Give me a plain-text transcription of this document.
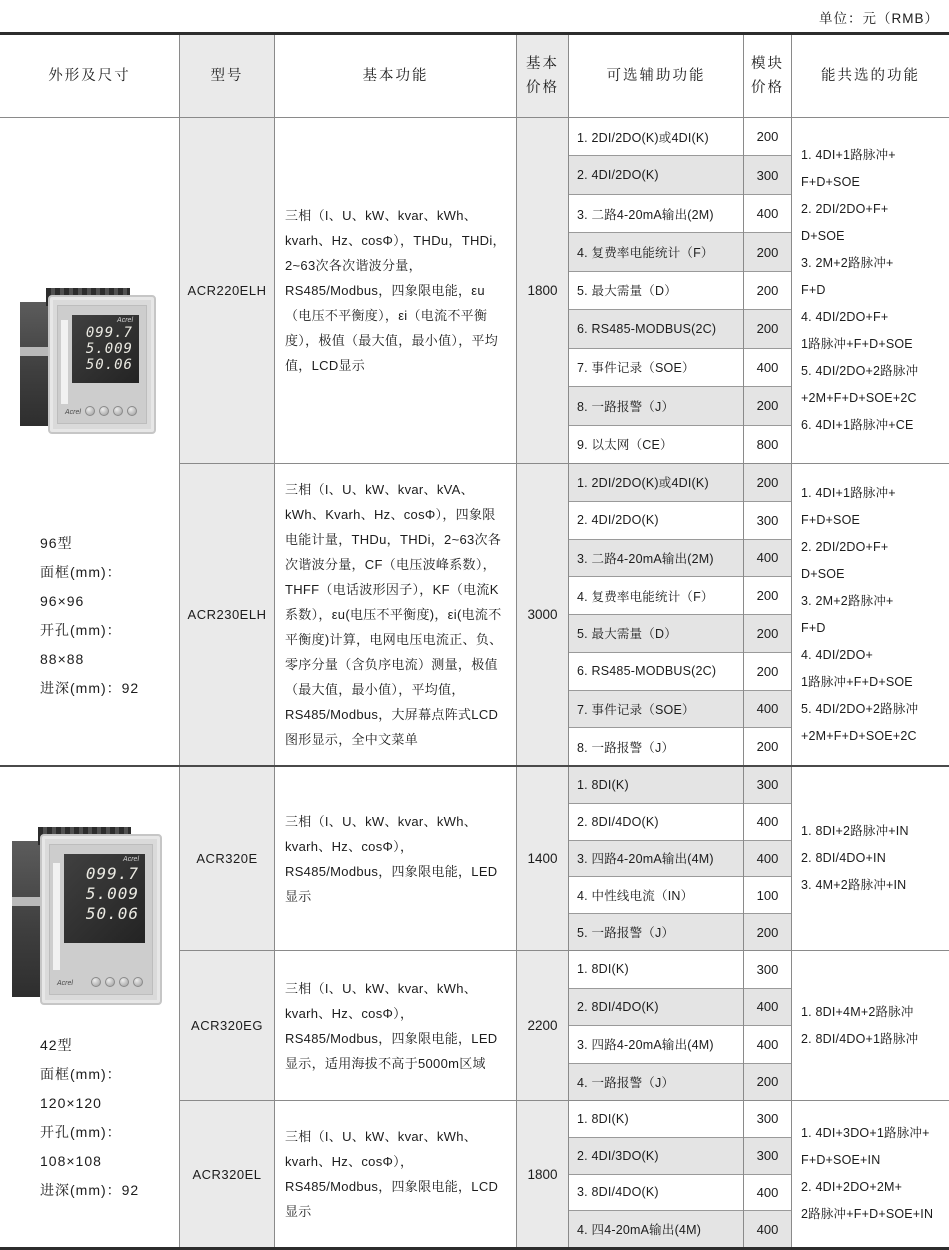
单位：元（RMB）
外形及尺寸	型号	基本功能
基本
价格
可选辅助功能
模块
价格
能共选的功能
Acrel
099.7
5.009
50.06
Acrel
96型
面框(mm)：
96×96
开孔(mm)：
88×88
进深(mm)：92
ACR220ELH
三相（I、U、kW、kvar、kWh、kvarh、Hz、cosΦ），THDu，THDi，2~63次各次谐波分量，RS485/Modbus，四象限电能，εu（电压不平衡度），εi（电流不平衡度），极值（最大值，最小值），平均值，LCD显示
1800
1. 2DI/2DO(K)或4DI(K)
2. 4DI/2DO(K)
3. 二路4-20mA输出(2M)
4. 复费率电能统计（F）
5. 最大需量（D）
6. RS485-MODBUS(2C)
7. 事件记录（SOE）
8. 一路报警（J）
9. 以太网（CE）
200
300
400
200
200
200
400
200
800
1. 4DI+1路脉冲+
F+D+SOE
2. 2DI/2DO+F+
D+SOE
3. 2M+2路脉冲+
F+D
4. 4DI/2DO+F+
1路脉冲+F+D+SOE
5. 4DI/2DO+2路脉冲
+2M+F+D+SOE+2C
6. 4DI+1路脉冲+CE
ACR230ELH
三相（I、U、kW、kvar、kVA、kWh、Kvarh、Hz、cosΦ），四象限电能计量，THDu，THDi，2~63次各次谐波分量，CF（电压波峰系数），THFF（电话波形因子），KF（电流K系数），εu(电压不平衡度)，εi(电流不平衡度)计算，电网电压电流正、负、零序分量（含负序电流）测量，极值（最大值，最小值），平均值，RS485/Modbus，大屏幕点阵式LCD图形显示，全中文菜单
3000
1. 2DI/2DO(K)或4DI(K)
2. 4DI/2DO(K)
3. 二路4-20mA输出(2M)
4. 复费率电能统计（F）
5. 最大需量（D）
6. RS485-MODBUS(2C)
7. 事件记录（SOE）
8. 一路报警（J）
200
300
400
200
200
200
400
200
1. 4DI+1路脉冲+
F+D+SOE
2. 2DI/2DO+F+
D+SOE
3. 2M+2路脉冲+
F+D
4. 4DI/2DO+
1路脉冲+F+D+SOE
5. 4DI/2DO+2路脉冲
+2M+F+D+SOE+2C
Acrel
099.7
5.009
50.06
Acrel
42型
面框(mm)：
120×120
开孔(mm)：
108×108
进深(mm)：92
ACR320E
三相（I、U、kW、kvar、kWh、kvarh、Hz、cosΦ），RS485/Modbus，四象限电能，LED显示
1400
1. 8DI(K)
2. 8DI/4DO(K)
3. 四路4-20mA输出(4M)
4. 中性线电流（IN）
5. 一路报警（J）
300
400
400
100
200
1. 8DI+2路脉冲+IN
2. 8DI/4DO+IN
3. 4M+2路脉冲+IN
ACR320EG
三相（I、U、kW、kvar、kWh、kvarh、Hz、cosΦ），RS485/Modbus，四象限电能，LED显示，适用海拔不高于5000m区域
2200
1. 8DI(K)
2. 8DI/4DO(K)
3. 四路4-20mA输出(4M)
4. 一路报警（J）
300
400
400
200
1. 8DI+4M+2路脉冲
2. 8DI/4DO+1路脉冲
ACR320EL
三相（I、U、kW、kvar、kWh、kvarh、Hz、cosΦ），RS485/Modbus，四象限电能，LCD显示
1800
1. 8DI(K)
2. 4DI/3DO(K)
3. 8DI/4DO(K)
4. 四4-20mA输出(4M)
300
300
400
400
1. 4DI+3DO+1路脉冲+
F+D+SOE+IN
2. 4DI+2DO+2M+
2路脉冲+F+D+SOE+IN
